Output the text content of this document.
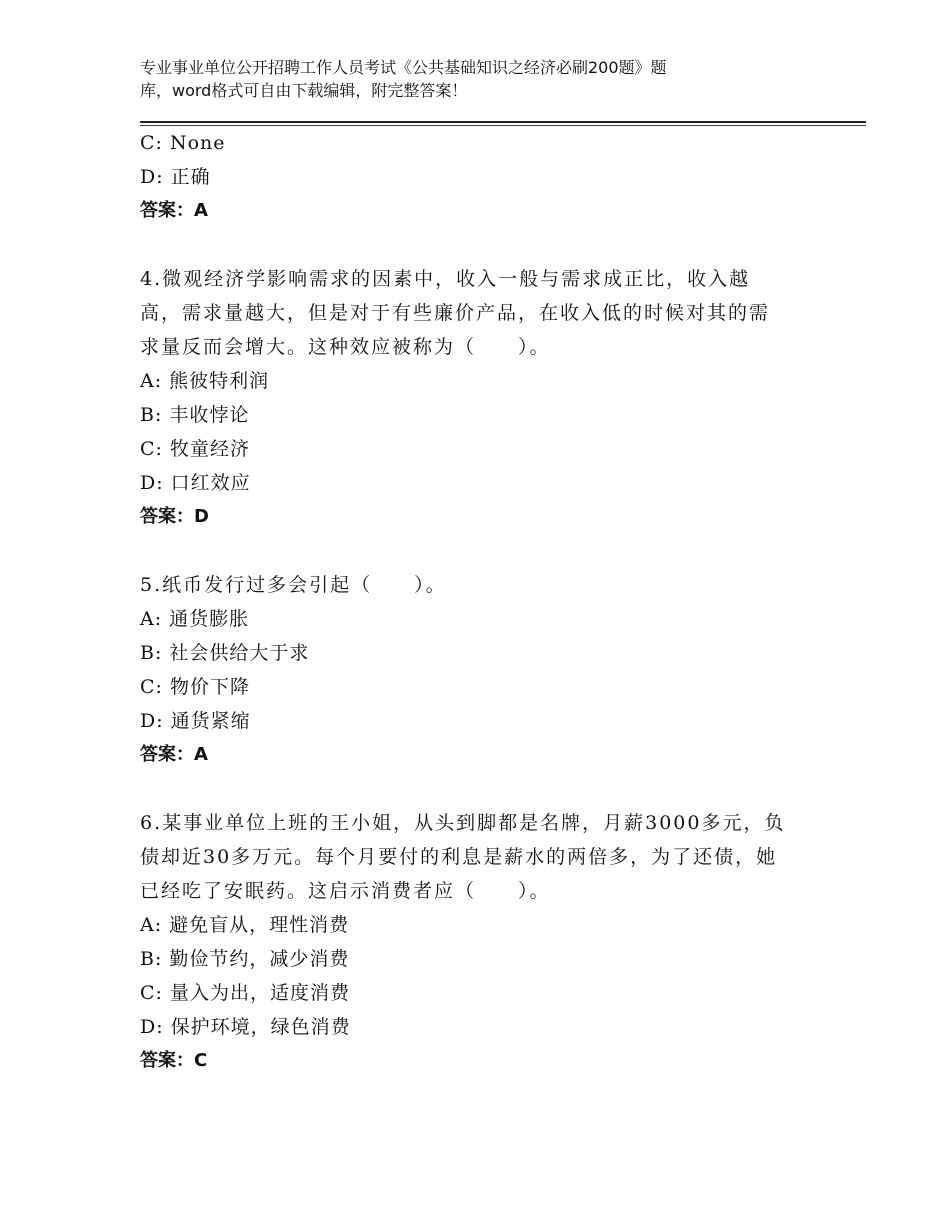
专业事业单位公开招聘工作人员考试《公共基础知识之经济必刷200题》题
库，word格式可自由下载编辑，附完整答案！
C: None
D: 正确
答案：A
4.微观经济学影响需求的因素中，收入一般与需求成正比，收入越
高，需求量越大，但是对于有些廉价产品，在收入低的时候对其的需
求量反而会增大。这种效应被称为（　　）。
A: 熊彼特利润
B: 丰收悖论
C: 牧童经济
D: 口红效应
答案：D
5.纸币发行过多会引起（　　）。
A: 通货膨胀
B: 社会供给大于求
C: 物价下降
D: 通货紧缩
答案：A
6.某事业单位上班的王小姐，从头到脚都是名牌，月薪3000多元，负
债却近30多万元。每个月要付的利息是薪水的两倍多，为了还债，她
已经吃了安眠药。这启示消费者应（　　）。
A: 避免盲从，理性消费
B: 勤俭节约，减少消费
C: 量入为出，适度消费
D: 保护环境，绿色消费
答案：C
